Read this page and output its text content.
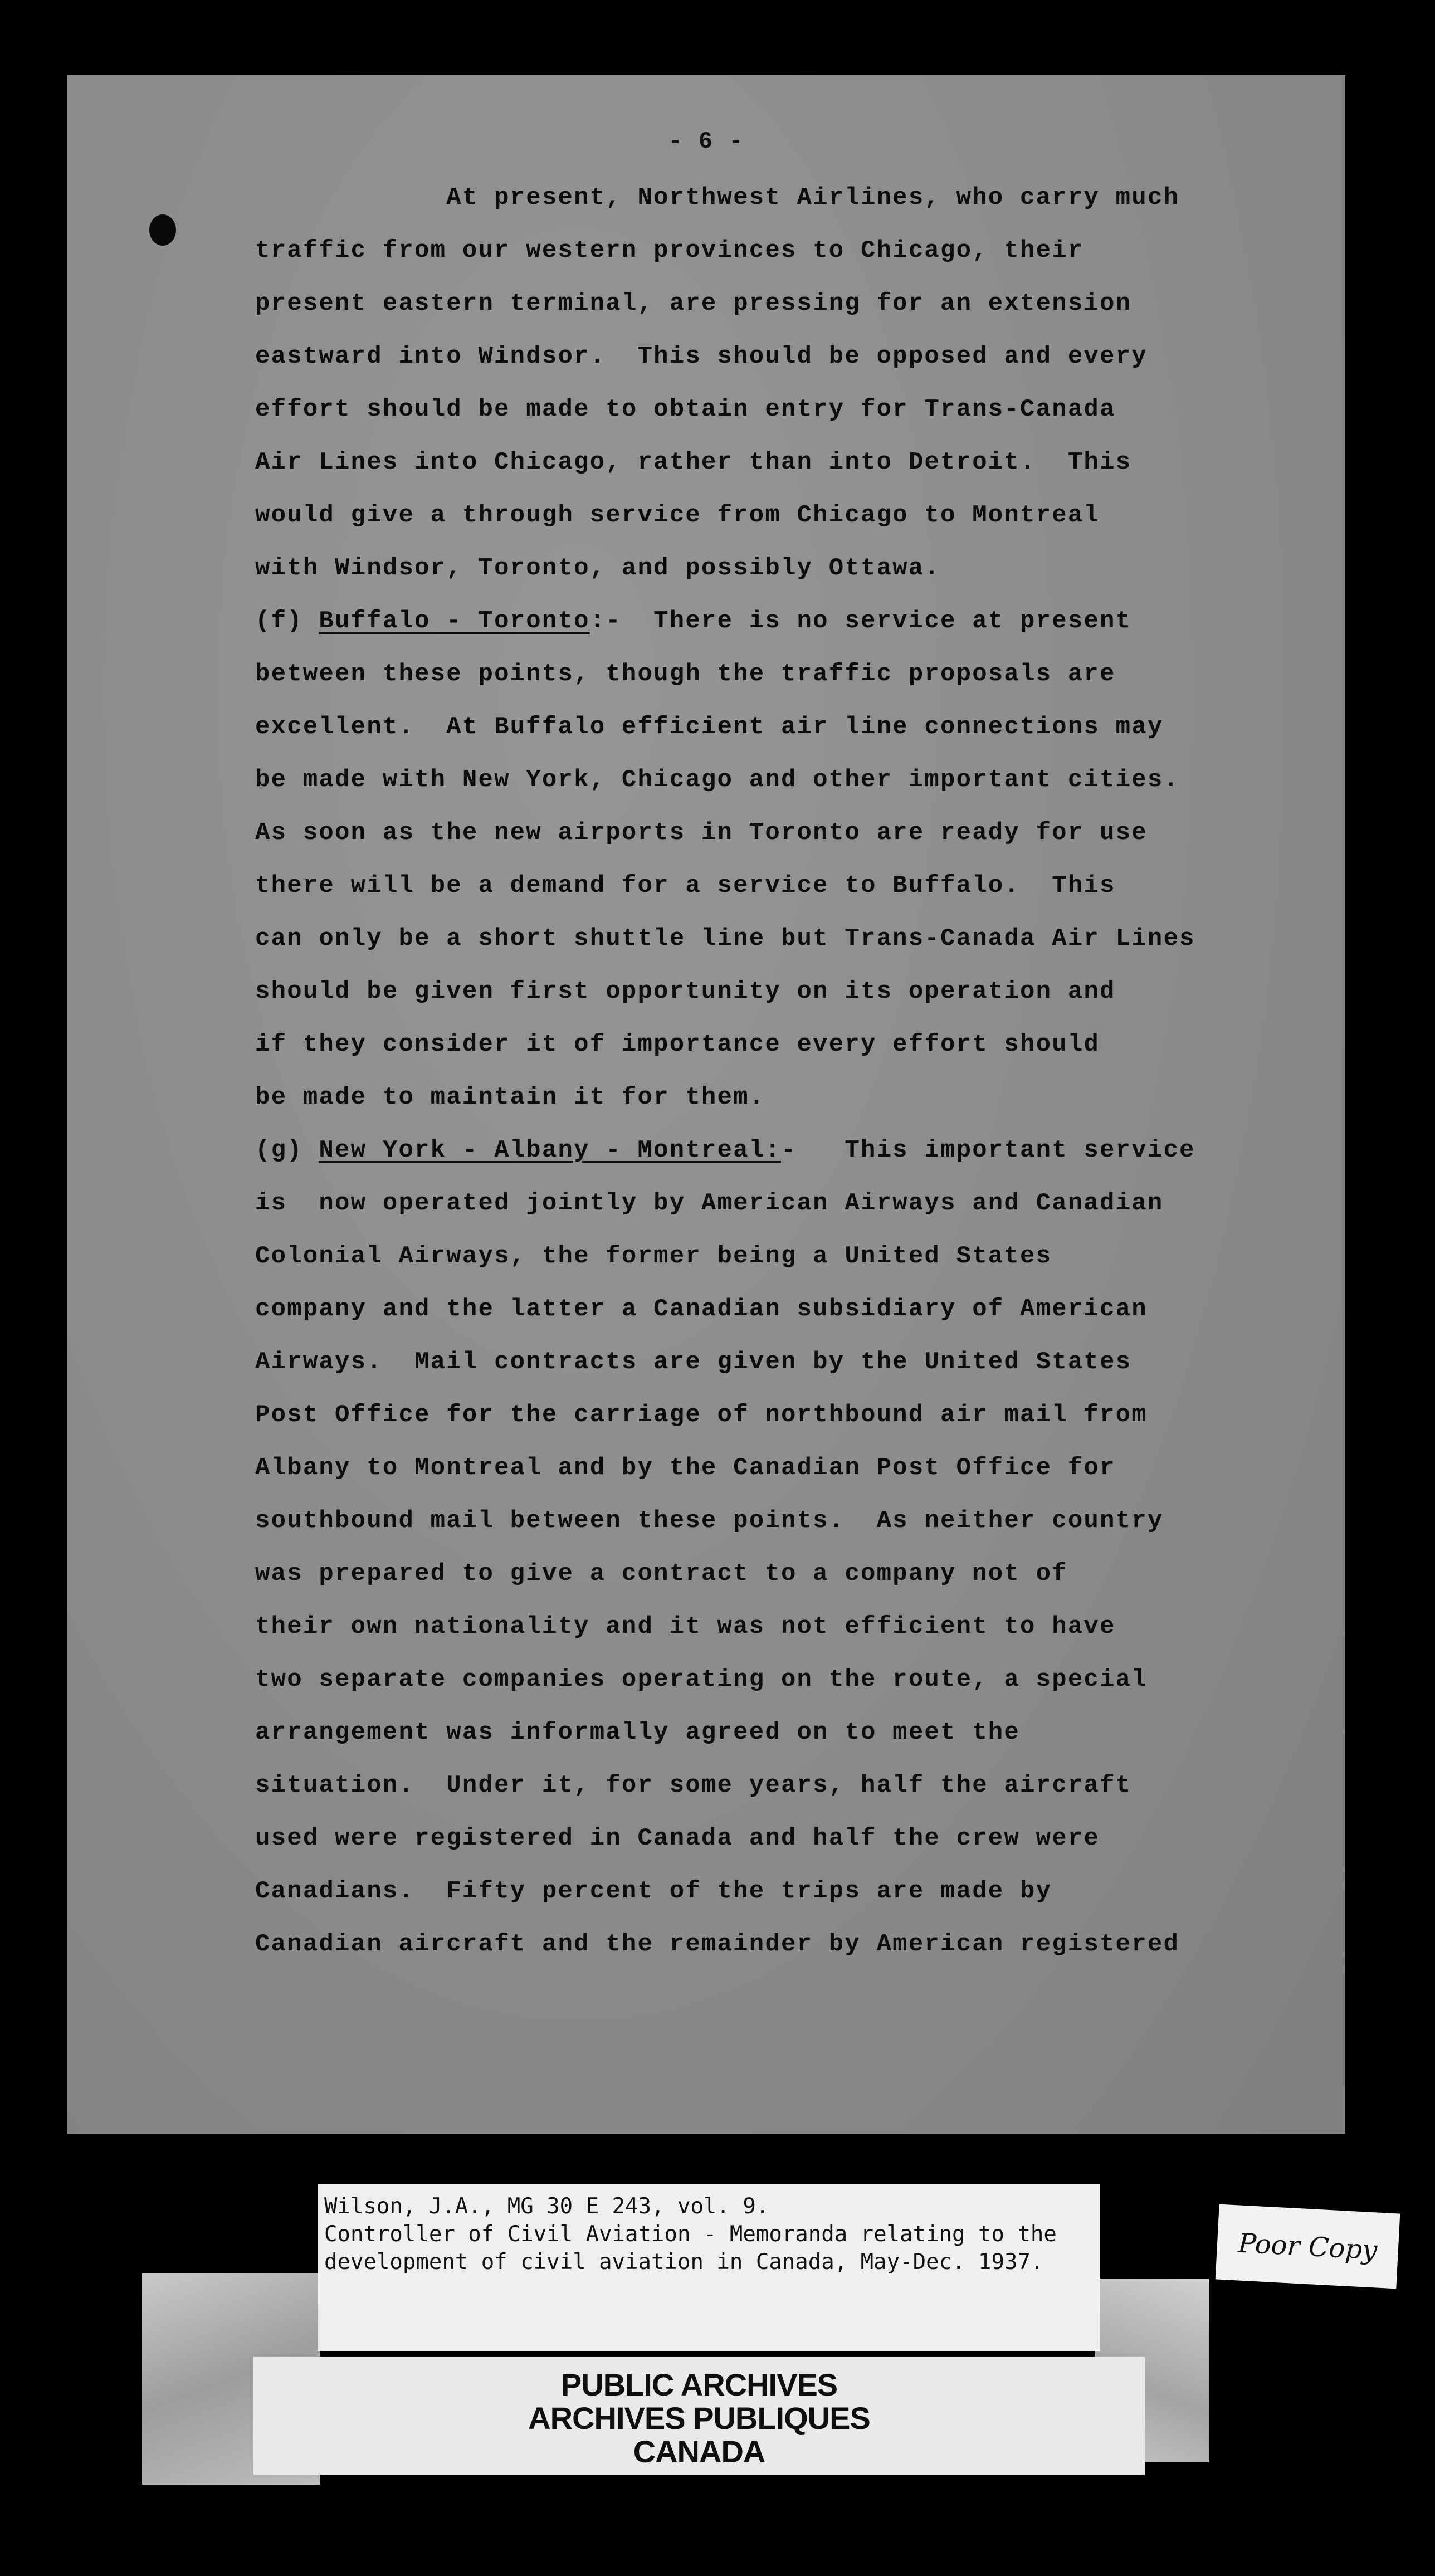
- 6 -
At present, Northwest Airlines, who carry much
traffic from our western provinces to Chicago, their
present eastern terminal, are pressing for an extension
eastward into Windsor.  This should be opposed and every
effort should be made to obtain entry for Trans-Canada
Air Lines into Chicago, rather than into Detroit.  This
would give a through service from Chicago to Montreal
with Windsor, Toronto, and possibly Ottawa.
(f) Buffalo - Toronto:-  There is no service at present
between these points, though the traffic proposals are
excellent.  At Buffalo efficient air line connections may
be made with New York, Chicago and other important cities.
As soon as the new airports in Toronto are ready for use
there will be a demand for a service to Buffalo.  This
can only be a short shuttle line but Trans-Canada Air Lines
should be given first opportunity on its operation and
if they consider it of importance every effort should
be made to maintain it for them.
(g) New York - Albany - Montreal:-   This important service
is  now operated jointly by American Airways and Canadian
Colonial Airways, the former being a United States
company and the latter a Canadian subsidiary of American
Airways.  Mail contracts are given by the United States
Post Office for the carriage of northbound air mail from
Albany to Montreal and by the Canadian Post Office for
southbound mail between these points.  As neither country
was prepared to give a contract to a company not of
their own nationality and it was not efficient to have
two separate companies operating on the route, a special
arrangement was informally agreed on to meet the
situation.  Under it, for some years, half the aircraft
used were registered in Canada and half the crew were
Canadians.  Fifty percent of the trips are made by
Canadian aircraft and the remainder by American registered
Wilson, J.A., MG 30 E 243, vol. 9.
Controller of Civil Aviation - Memoranda relating to the
development of civil aviation in Canada, May-Dec. 1937.
PUBLIC ARCHIVES
ARCHIVES PUBLIQUES
CANADA
Poor Copy
